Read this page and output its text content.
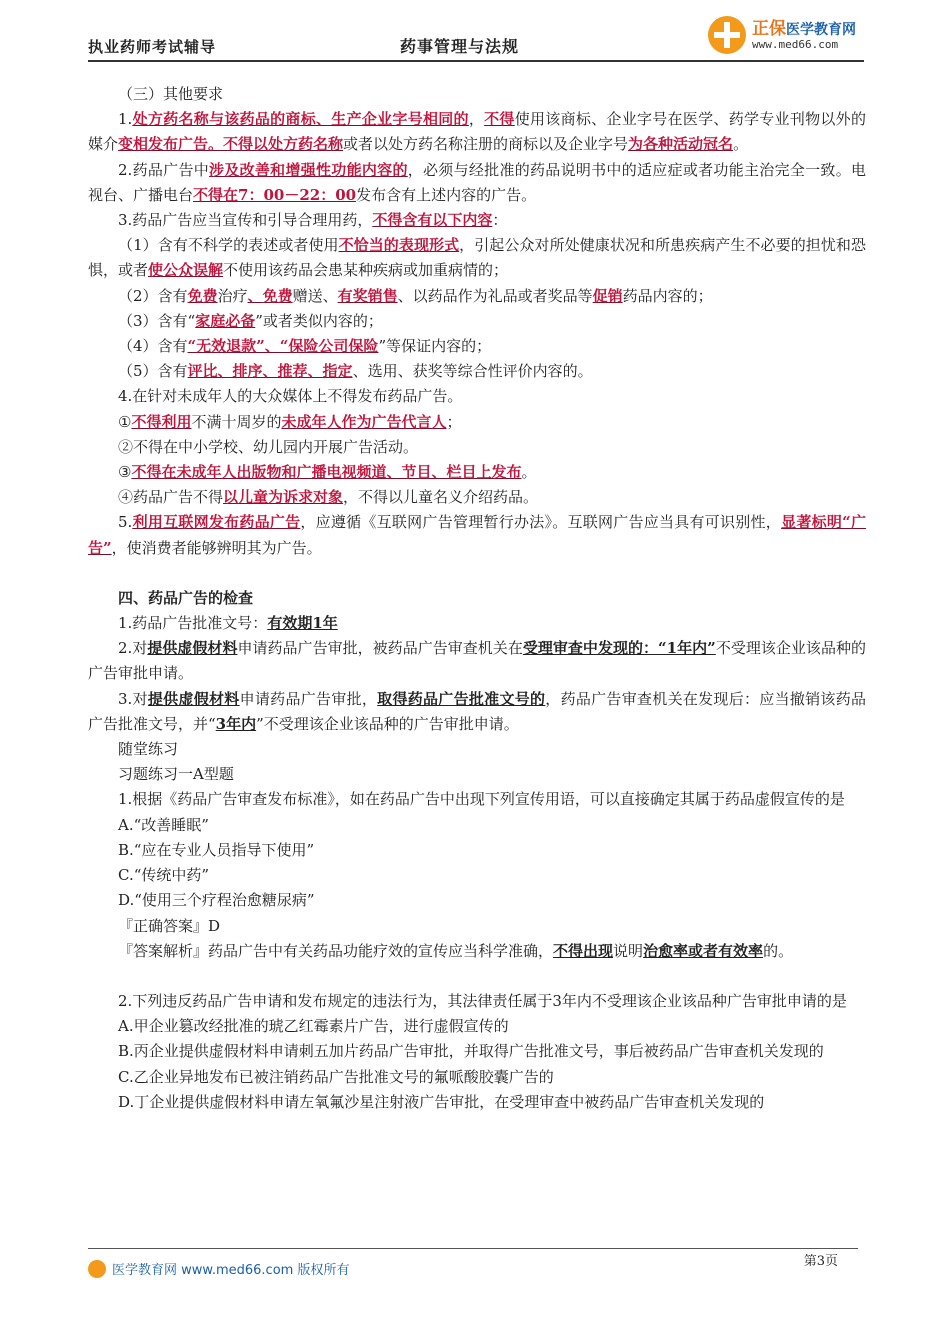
执业药师考试辅导	药事管理与法规
正保医学教育网
www.med66.com

（三）其他要求

1.处方药名称与该药品的商标、生产企业字号相同的，不得使用该商标、企业字号在医学、药学专业刊物以外的媒介变相发布广告。不得以处方药名称或者以处方药名称注册的商标以及企业字号为各种活动冠名。

2.药品广告中涉及改善和增强性功能内容的，必须与经批准的药品说明书中的适应症或者功能主治完全一致。电视台、广播电台不得在7：00－22：00发布含有上述内容的广告。

3.药品广告应当宣传和引导合理用药，不得含有以下内容：

（1）含有不科学的表述或者使用不恰当的表现形式，引起公众对所处健康状况和所患疾病产生不必要的担忧和恐惧，或者使公众误解不使用该药品会患某种疾病或加重病情的；

（2）含有免费治疗、免费赠送、有奖销售、以药品作为礼品或者奖品等促销药品内容的；

（3）含有“家庭必备”或者类似内容的；

（4）含有“无效退款”、“保险公司保险”等保证内容的；

（5）含有评比、排序、推荐、指定、选用、获奖等综合性评价内容的。

4.在针对未成年人的大众媒体上不得发布药品广告。

①不得利用不满十周岁的未成年人作为广告代言人；

②不得在中小学校、幼儿园内开展广告活动。

③不得在未成年人出版物和广播电视频道、节目、栏目上发布。

④药品广告不得以儿童为诉求对象，不得以儿童名义介绍药品。

5.利用互联网发布药品广告，应遵循《互联网广告管理暂行办法》。互联网广告应当具有可识别性，显著标明“广告”，使消费者能够辨明其为广告。

四、药品广告的检查

1.药品广告批准文号：有效期1年

2.对提供虚假材料申请药品广告审批，被药品广告审查机关在受理审查中发现的：“1年内”不受理该企业该品种的广告审批申请。

3.对提供虚假材料申请药品广告审批，取得药品广告批准文号的，药品广告审查机关在发现后：应当撤销该药品广告批准文号，并“3年内”不受理该企业该品种的广告审批申请。

随堂练习

习题练习一A型题

1.根据《药品广告审查发布标准》，如在药品广告中出现下列宣传用语，可以直接确定其属于药品虚假宣传的是

A.“改善睡眠”

B.“应在专业人员指导下使用”

C.“传统中药”

D.“使用三个疗程治愈糖尿病”

『正确答案』D

『答案解析』药品广告中有关药品功能疗效的宣传应当科学准确，不得出现说明治愈率或者有效率的。

2.下列违反药品广告申请和发布规定的违法行为，其法律责任属于3年内不受理该企业该品种广告审批申请的是

A.甲企业篡改经批准的琥乙红霉素片广告，进行虚假宣传的

B.丙企业提供虚假材料申请刺五加片药品广告审批，并取得广告批准文号，事后被药品广告审查机关发现的

C.乙企业异地发布已被注销药品广告批准文号的氟哌酸胶囊广告的

D.丁企业提供虚假材料申请左氧氟沙星注射液广告审批，在受理审查中被药品广告审查机关发现的

第3页
医学教育网 www.med66.com 版权所有
